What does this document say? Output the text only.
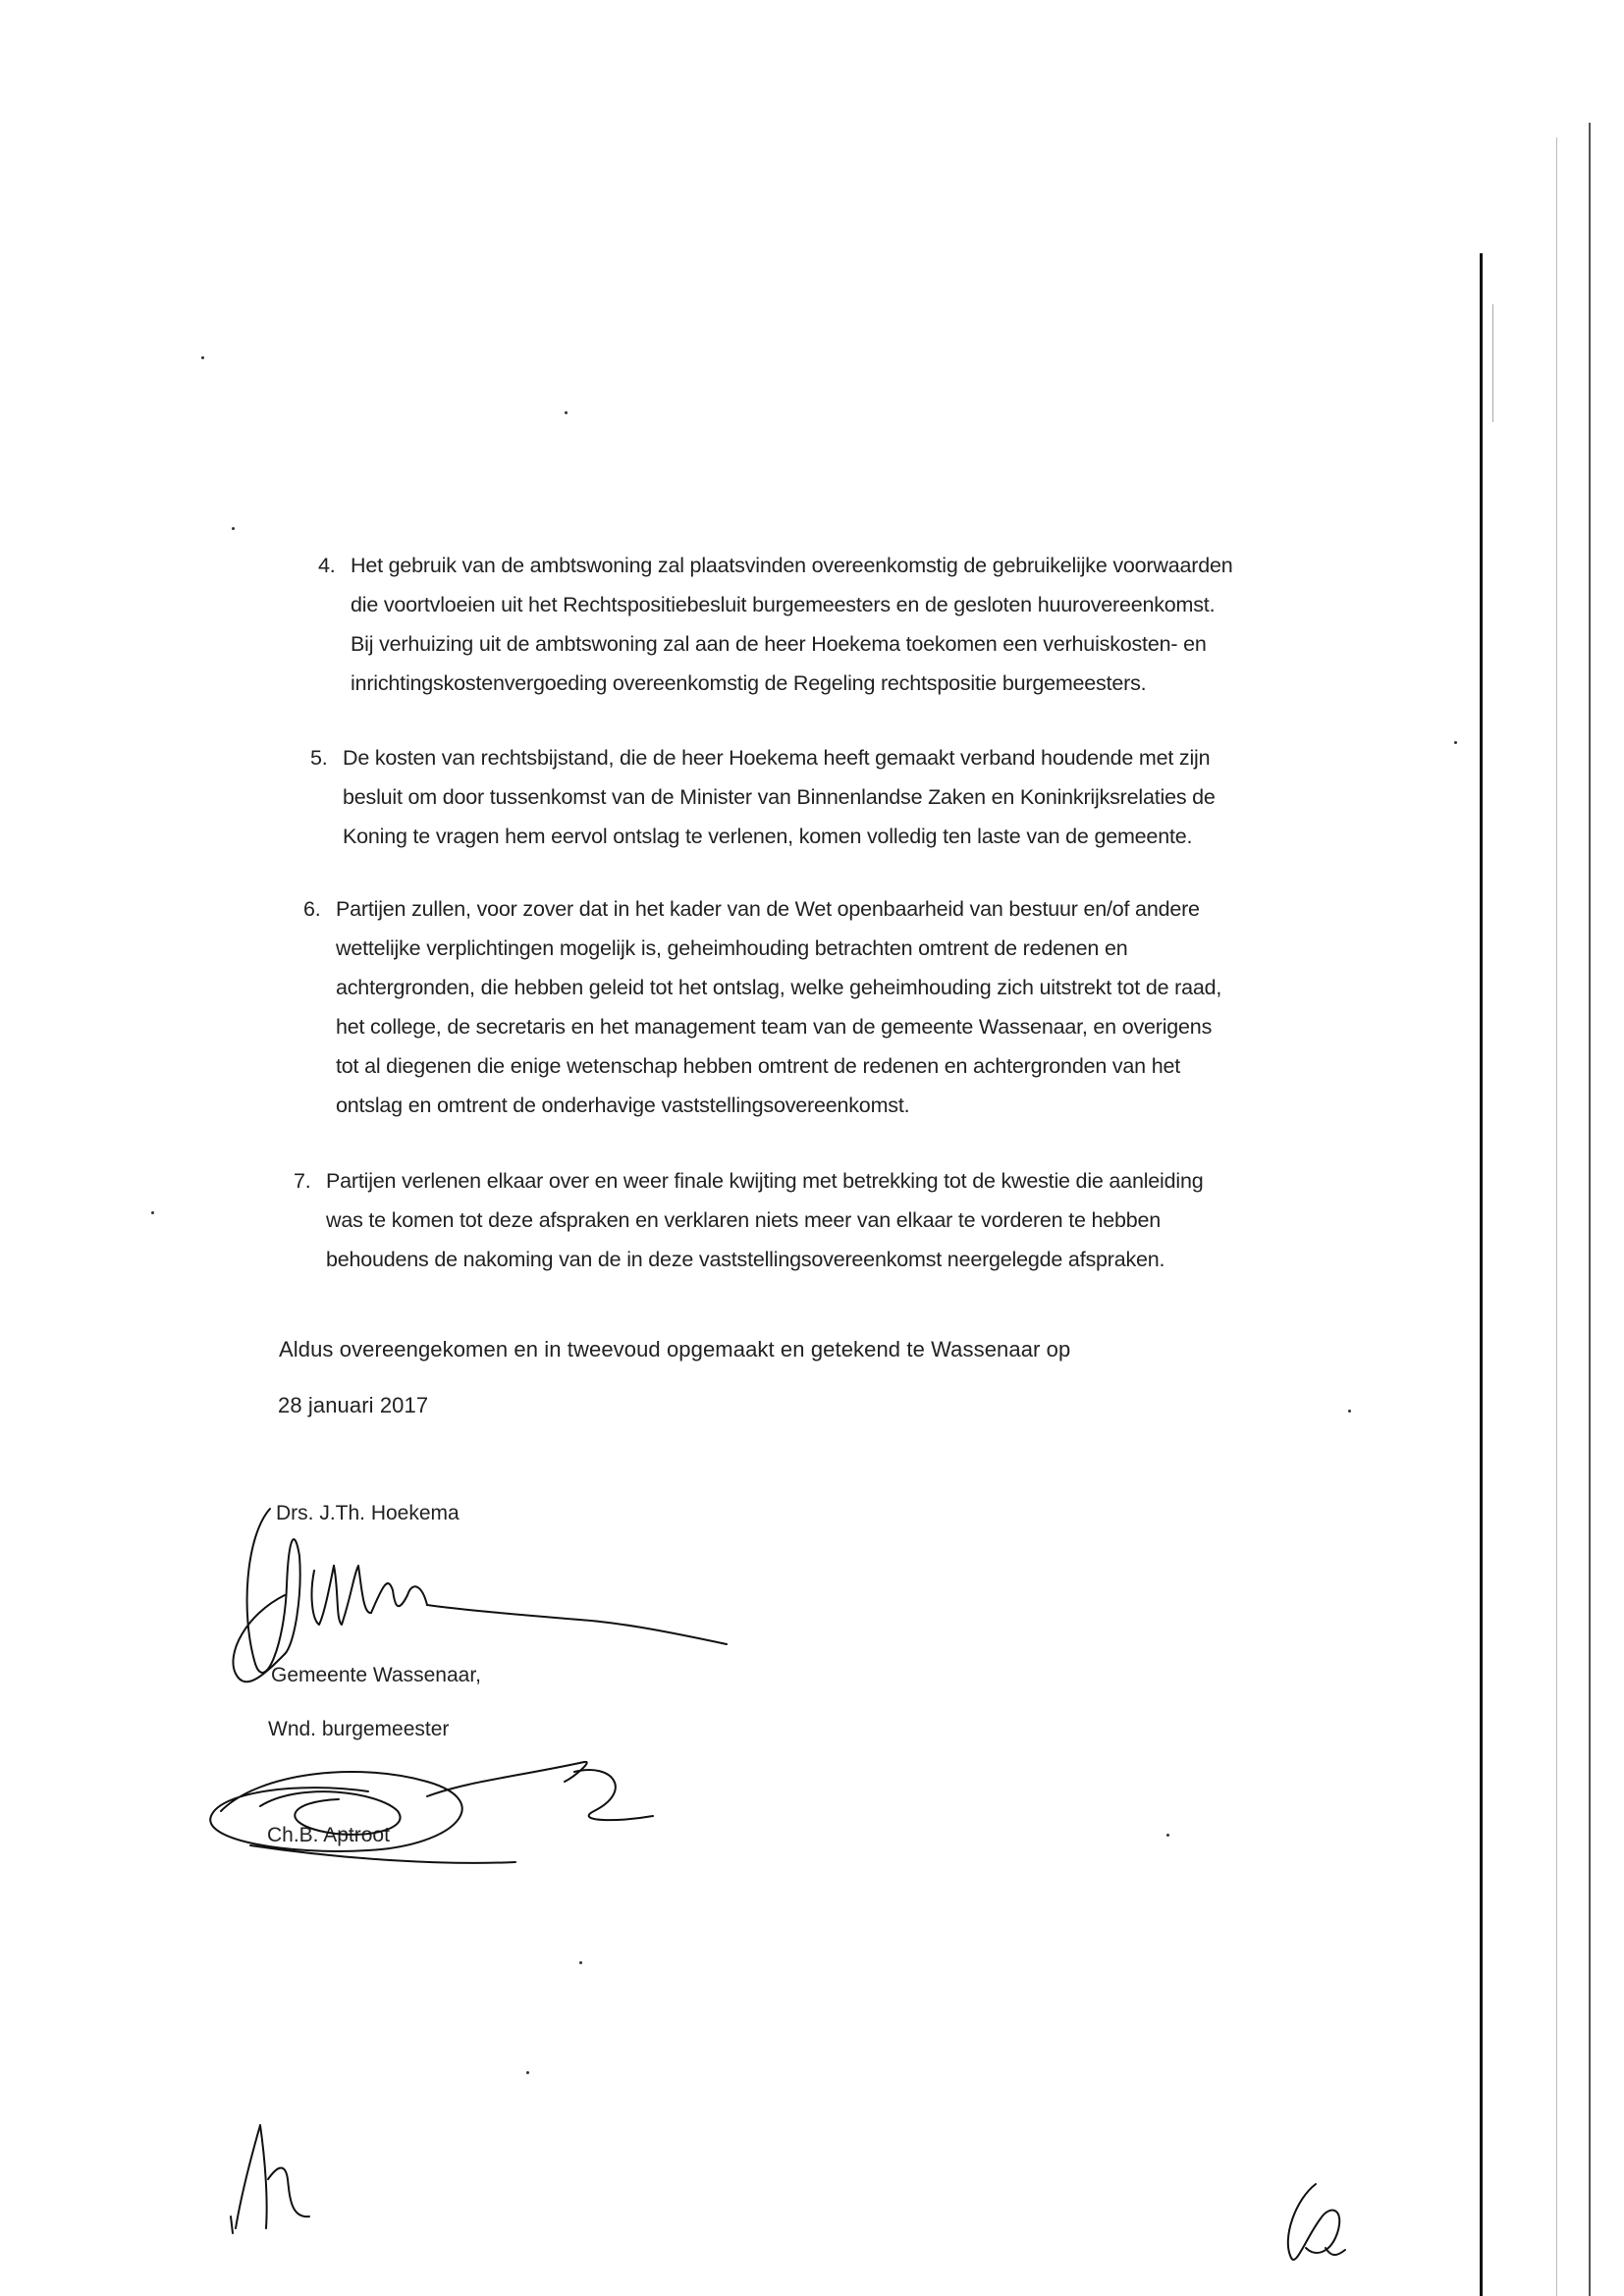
4. Het gebruik van de ambtswoning zal plaatsvinden overeenkomstig de gebruikelijke voorwaarden
die voortvloeien uit het Rechtspositiebesluit burgemeesters en de gesloten huurovereenkomst.
Bij verhuizing uit de ambtswoning zal aan de heer Hoekema toekomen een verhuiskosten- en
inrichtingskostenvergoeding overeenkomstig de Regeling rechtspositie burgemeesters.
5. De kosten van rechtsbijstand, die de heer Hoekema heeft gemaakt verband houdende met zijn
besluit om door tussenkomst van de Minister van Binnenlandse Zaken en Koninkrijksrelaties de
Koning te vragen hem eervol ontslag te verlenen, komen volledig ten laste van de gemeente.
6. Partijen zullen, voor zover dat in het kader van de Wet openbaarheid van bestuur en/of andere
wettelijke verplichtingen mogelijk is, geheimhouding betrachten omtrent de redenen en
achtergronden, die hebben geleid tot het ontslag, welke geheimhouding zich uitstrekt tot de raad,
het college, de secretaris en het management team van de gemeente Wassenaar, en overigens
tot al diegenen die enige wetenschap hebben omtrent de redenen en achtergronden van het
ontslag en omtrent de onderhavige vaststellingsovereenkomst.
7. Partijen verlenen elkaar over en weer finale kwijting met betrekking tot de kwestie die aanleiding
was te komen tot deze afspraken en verklaren niets meer van elkaar te vorderen te hebben
behoudens de nakoming van de in deze vaststellingsovereenkomst neergelegde afspraken.
Aldus overeengekomen en in tweevoud opgemaakt en getekend te Wassenaar op
28 januari 2017
Drs. J.Th. Hoekema
Gemeente Wassenaar,
Wnd. burgemeester
Ch.B. Aptroot
